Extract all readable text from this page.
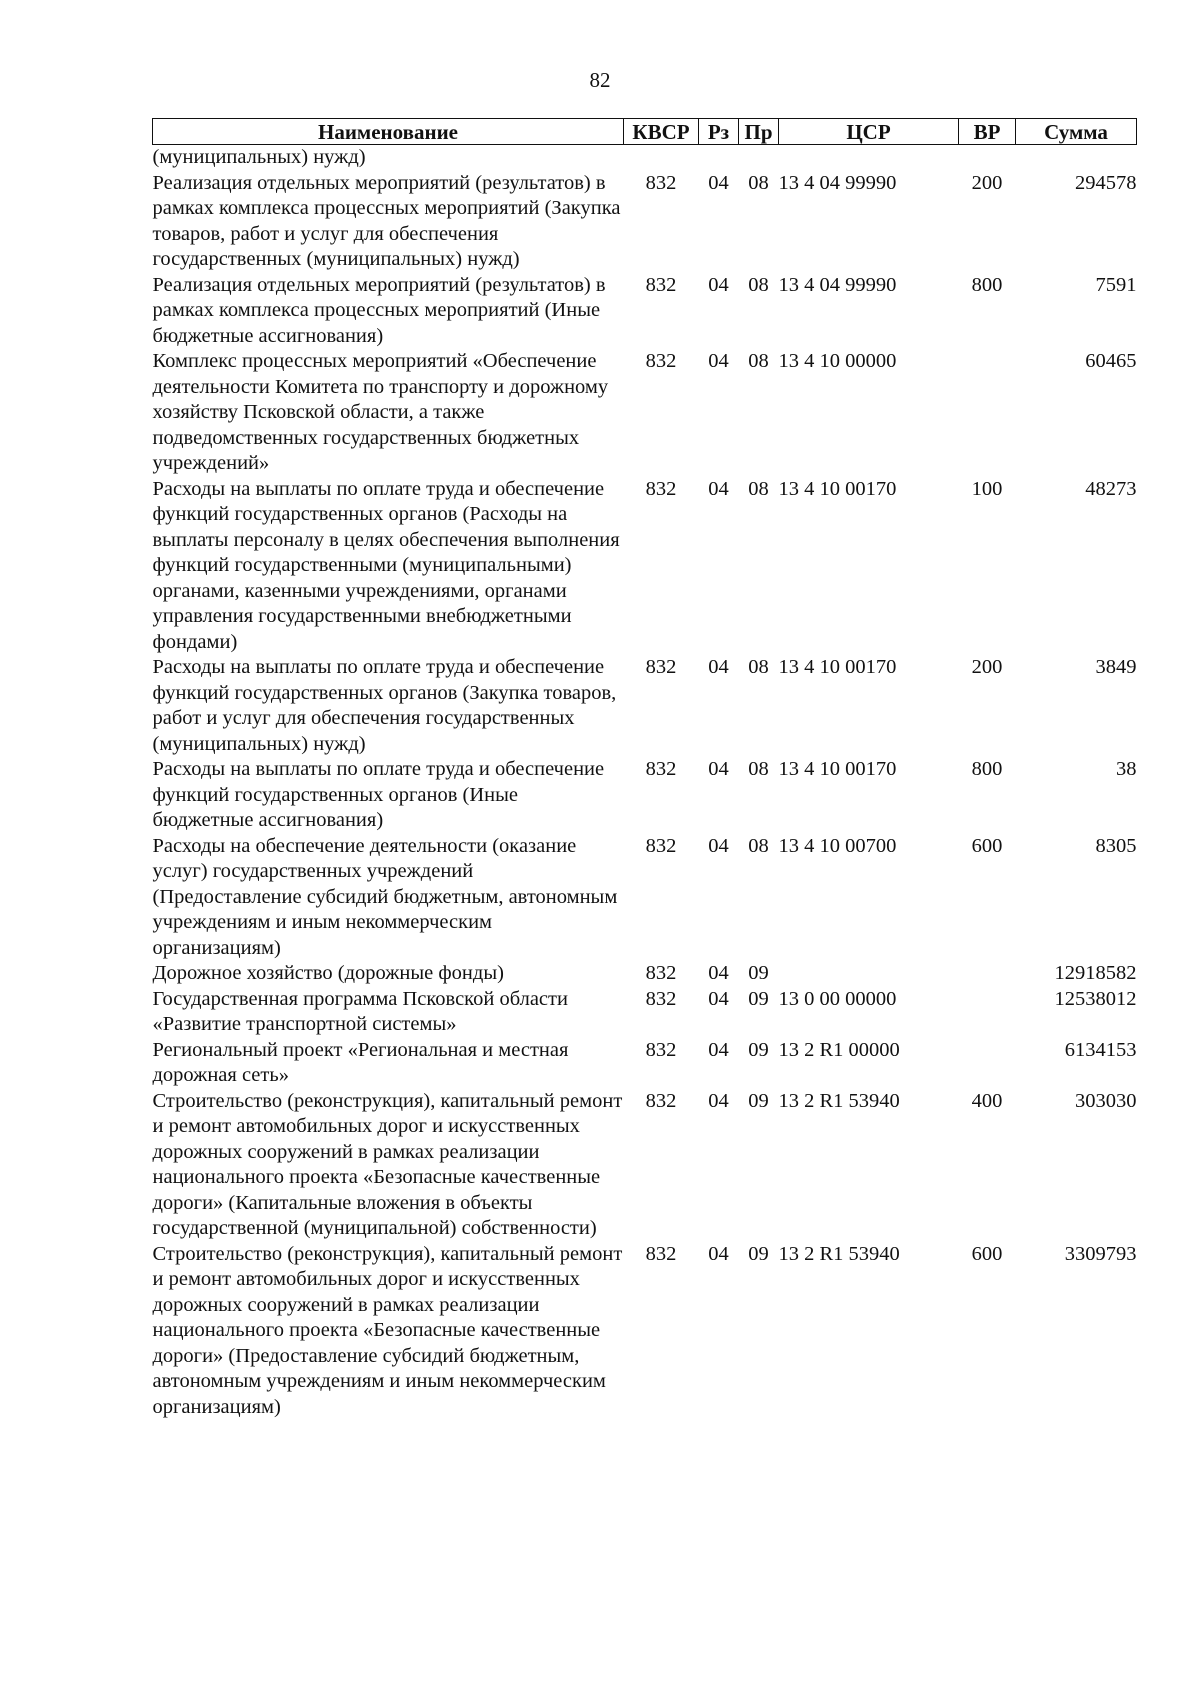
82
Наименование	КВСР	Рз	Пр	ЦСР	ВР	Сумма
(муниципальных) нужд)						
Реализация отдельных мероприятий (результатов) в рамках комплекса процессных мероприятий (Закупка товаров, работ и услуг для обеспечения государственных (муниципальных) нужд)	832	04	08	13 4 04 99990	200	294578
Реализация отдельных мероприятий (результатов) в рамках комплекса процессных мероприятий (Иные бюджетные ассигнования)	832	04	08	13 4 04 99990	800	7591
Комплекс процессных мероприятий «Обеспечение деятельности Комитета по транспорту и дорожному хозяйству Псковской области, а также подведомственных государственных бюджетных учреждений»	832	04	08	13 4 10 00000		60465
Расходы на выплаты по оплате труда и обеспечение функций государственных органов (Расходы на выплаты персоналу в целях обеспечения выполнения функций государственными (муниципальными) органами, казенными учреждениями, органами управления государственными внебюджетными фондами)	832	04	08	13 4 10 00170	100	48273
Расходы на выплаты по оплате труда и обеспечение функций государственных органов (Закупка товаров, работ и услуг для обеспечения государственных (муниципальных) нужд)	832	04	08	13 4 10 00170	200	3849
Расходы на выплаты по оплате труда и обеспечение функций государственных органов (Иные бюджетные ассигнования)	832	04	08	13 4 10 00170	800	38
Расходы на обеспечение деятельности (оказание услуг) государственных учреждений (Предоставление субсидий бюджетным, автономным учреждениям и иным некоммерческим организациям)	832	04	08	13 4 10 00700	600	8305
Дорожное хозяйство (дорожные фонды)	832	04	09			12918582
Государственная программа Псковской области «Развитие транспортной системы»	832	04	09	13 0 00 00000		12538012
Региональный проект «Региональная и местная дорожная сеть»	832	04	09	13 2 R1 00000		6134153
Строительство (реконструкция), капитальный ремонт и ремонт автомобильных дорог и искусственных дорожных сооружений в рамках реализации национального проекта «Безопасные качественные дороги» (Капитальные вложения в объекты государственной (муниципальной) собственности)	832	04	09	13 2 R1 53940	400	303030
Строительство (реконструкция), капитальный ремонт и ремонт автомобильных дорог и искусственных дорожных сооружений в рамках реализации национального проекта «Безопасные качественные дороги» (Предоставление субсидий бюджетным, автономным учреждениям и иным некоммерческим организациям)	832	04	09	13 2 R1 53940	600	3309793
